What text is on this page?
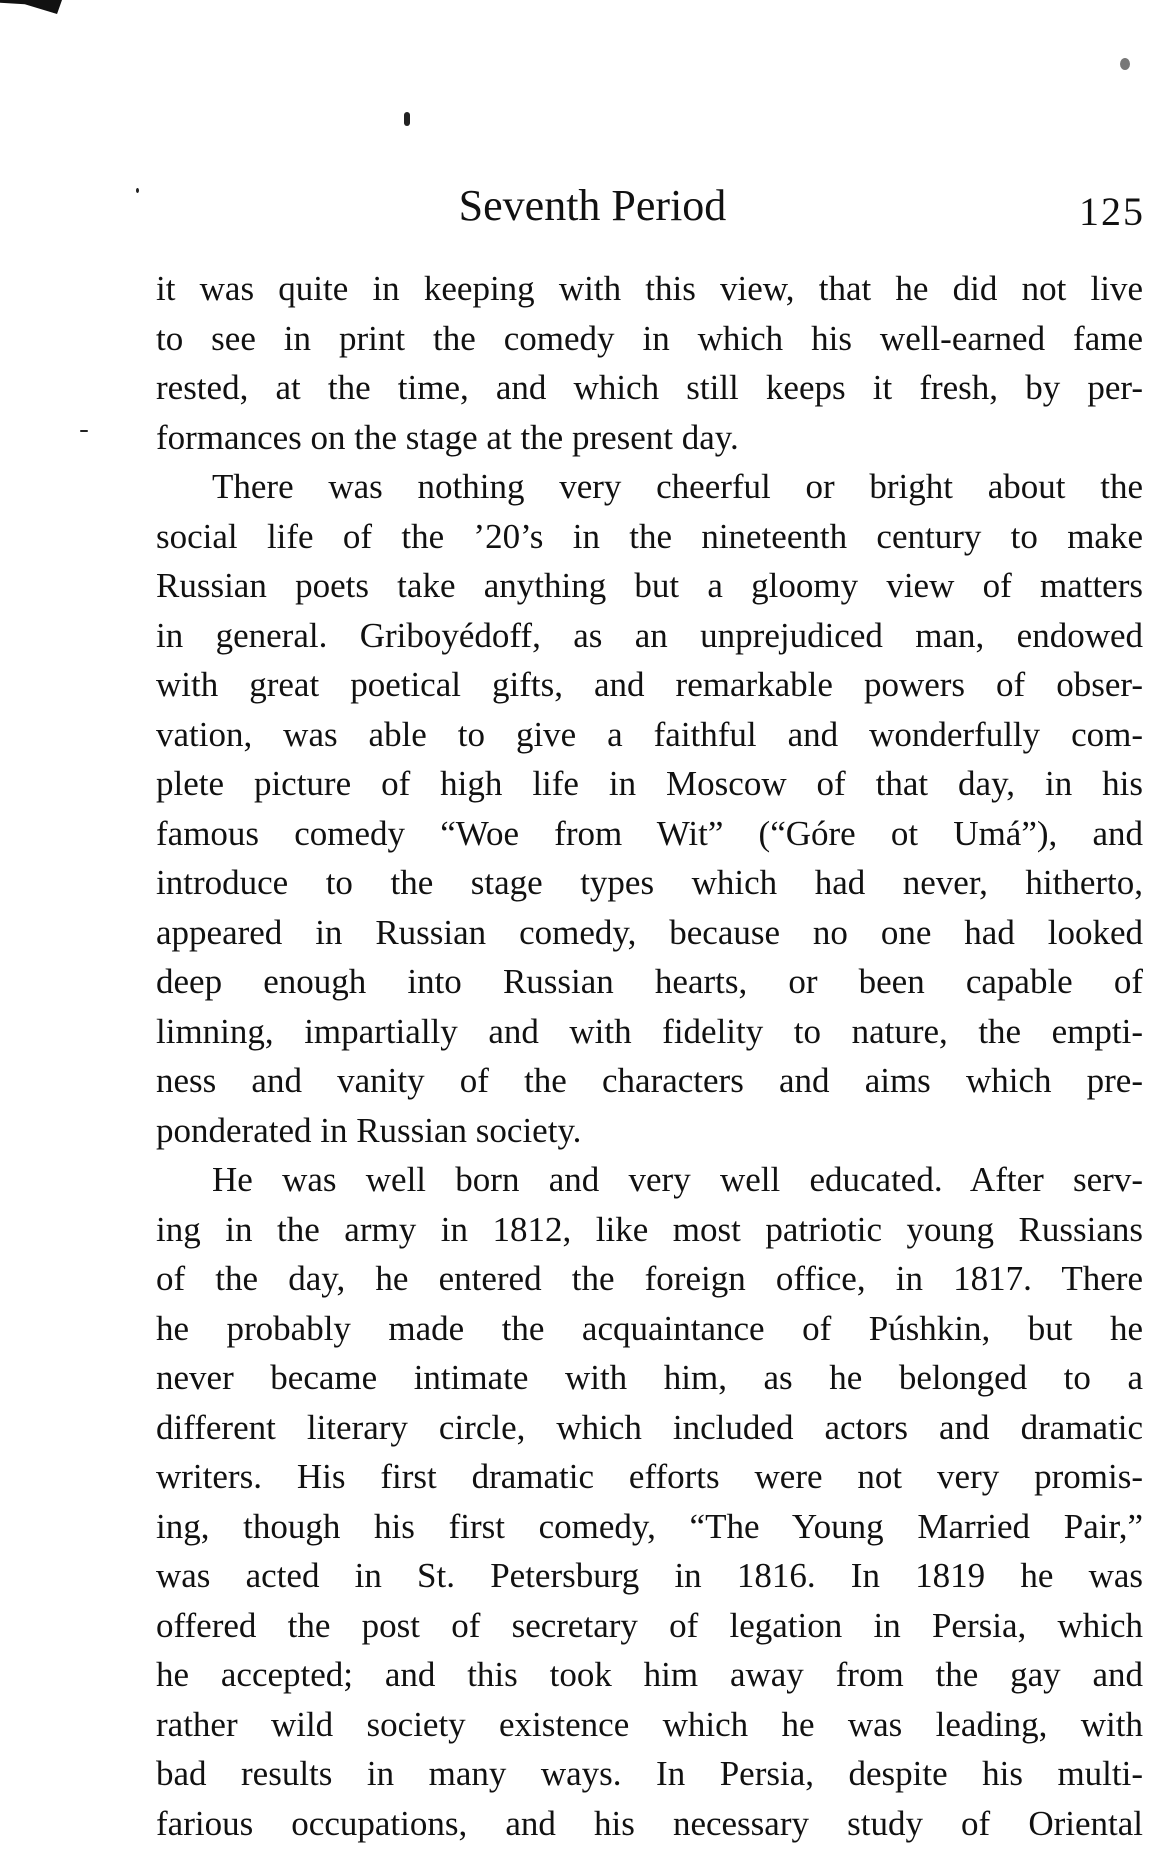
Seventh Period	125
it was quite in keeping with this view, that he did not live
to see in print the comedy in which his well-earned fame
rested, at the time, and which still keeps it fresh, by per-
formances on the stage at the present day.
There was nothing very cheerful or bright about the
social life of the ’20’s in the nineteenth century to make
Russian poets take anything but a gloomy view of matters
in general. Griboyédoff, as an unprejudiced man, endowed
with great poetical gifts, and remarkable powers of obser-
vation, was able to give a faithful and wonderfully com-
plete picture of high life in Moscow of that day, in his
famous comedy “Woe from Wit” (“Góre ot Umá”), and
introduce to the stage types which had never, hitherto,
appeared in Russian comedy, because no one had looked
deep enough into Russian hearts, or been capable of
limning, impartially and with fidelity to nature, the empti-
ness and vanity of the characters and aims which pre-
ponderated in Russian society.
He was well born and very well educated. After serv-
ing in the army in 1812, like most patriotic young Russians
of the day, he entered the foreign office, in 1817. There
he probably made the acquaintance of Púshkin, but he
never became intimate with him, as he belonged to a
different literary circle, which included actors and dramatic
writers. His first dramatic efforts were not very promis-
ing, though his first comedy, “The Young Married Pair,”
was acted in St. Petersburg in 1816. In 1819 he was
offered the post of secretary of legation in Persia, which
he accepted; and this took him away from the gay and
rather wild society existence which he was leading, with
bad results in many ways. In Persia, despite his multi-
farious occupations, and his necessary study of Oriental
